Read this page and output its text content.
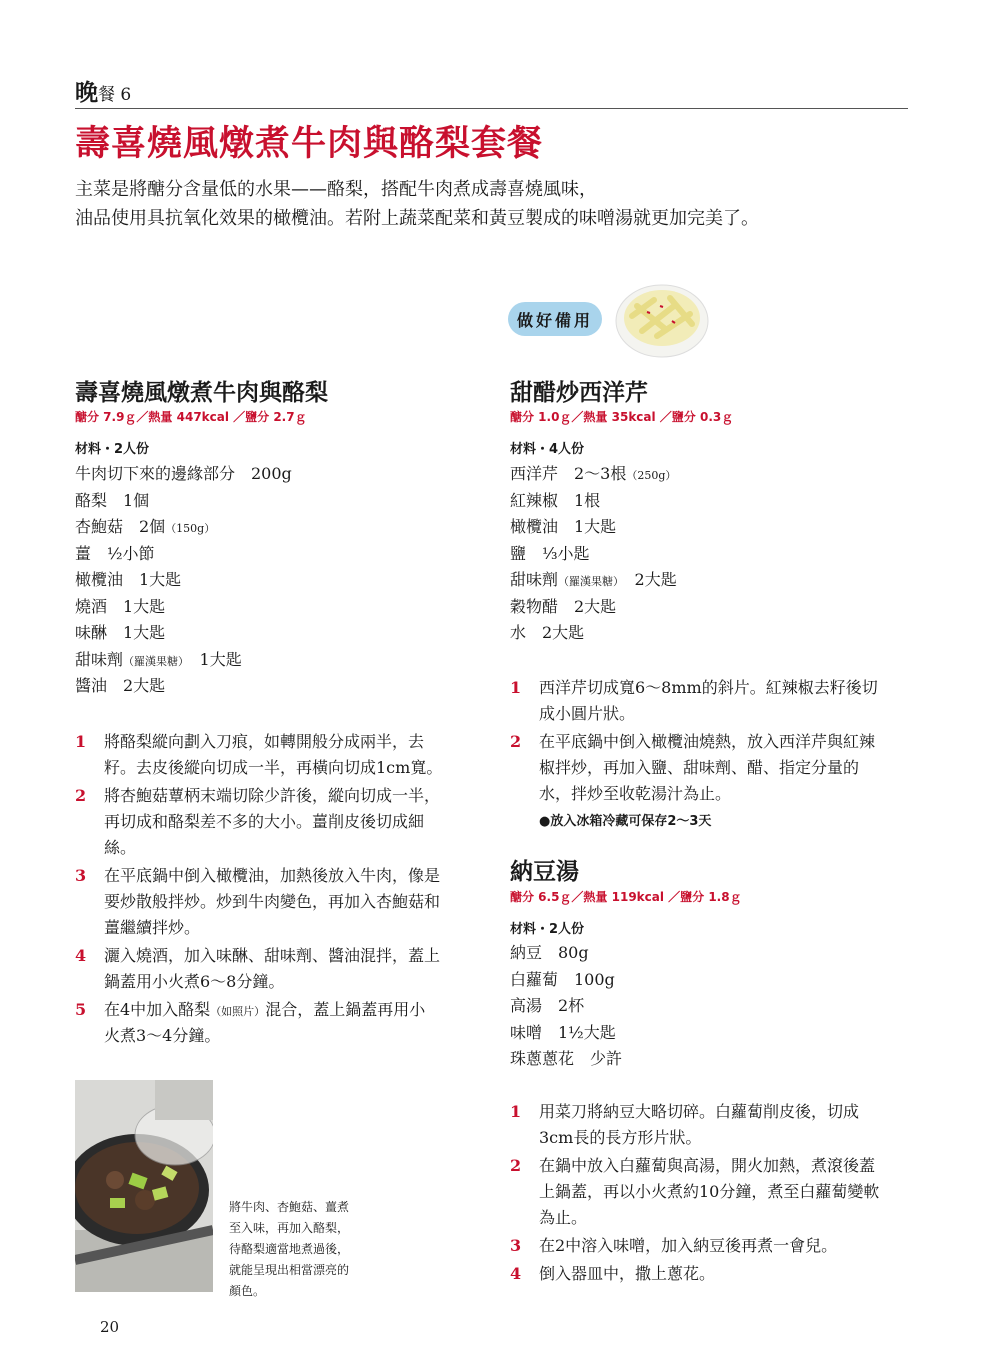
晚餐 6
壽喜燒風燉煮牛肉與酪梨套餐
主菜是將醣分含量低的水果——酪梨，搭配牛肉煮成壽喜燒風味，
油品使用具抗氧化效果的橄欖油。若附上蔬菜配菜和黃豆製成的味噌湯就更加完美了。
做好備用
壽喜燒風燉煮牛肉與酪梨
醣分 7.9ｇ／熱量 447kcal ／鹽分 2.7ｇ
材料・2人份
牛肉切下來的邊緣部分　200g
酪梨　1個
杏鮑菇　2個（150g）
薑　½小節
橄欖油　1大匙
燒酒　1大匙
味醂　1大匙
甜味劑（羅漢果糖）　1大匙
醬油　2大匙
1 將酪梨縱向劃入刀痕，如轉開般分成兩半，去
籽。去皮後縱向切成一半，再橫向切成1cm寬。
2 將杏鮑菇蕈柄末端切除少許後，縱向切成一半，
再切成和酪梨差不多的大小。薑削皮後切成細
絲。
3 在平底鍋中倒入橄欖油，加熱後放入牛肉，像是
要炒散般拌炒。炒到牛肉變色，再加入杏鮑菇和
薑繼續拌炒。
4 灑入燒酒，加入味醂、甜味劑、醬油混拌，蓋上
鍋蓋用小火煮6～8分鐘。
5 在4中加入酪梨（如照片）混合，蓋上鍋蓋再用小
火煮3～4分鐘。
將牛肉、杏鮑菇、薑煮
至入味，再加入酪梨，
待酪梨適當地煮過後，
就能呈現出相當漂亮的
顏色。
甜醋炒西洋芹
醣分 1.0ｇ／熱量 35kcal ／鹽分 0.3ｇ
材料・4人份
西洋芹　2～3根（250g）
紅辣椒　1根
橄欖油　1大匙
鹽　⅓小匙
甜味劑（羅漢果糖）　2大匙
穀物醋　2大匙
水　2大匙
1 西洋芹切成寬6～8mm的斜片。紅辣椒去籽後切
成小圓片狀。
2 在平底鍋中倒入橄欖油燒熱，放入西洋芹與紅辣
椒拌炒，再加入鹽、甜味劑、醋、指定分量的
水，拌炒至收乾湯汁為止。
●放入冰箱冷藏可保存2～3天
納豆湯
醣分 6.5ｇ／熱量 119kcal ／鹽分 1.8ｇ
材料・2人份
納豆　80g
白蘿蔔　100g
高湯　2杯
味噌　1½大匙
珠蔥蔥花　少許
1 用菜刀將納豆大略切碎。白蘿蔔削皮後，切成
3cm長的長方形片狀。
2 在鍋中放入白蘿蔔與高湯，開火加熱，煮滾後蓋
上鍋蓋，再以小火煮約10分鐘，煮至白蘿蔔變軟
為止。
3 在2中溶入味噌，加入納豆後再煮一會兒。
4 倒入器皿中，撒上蔥花。
20
